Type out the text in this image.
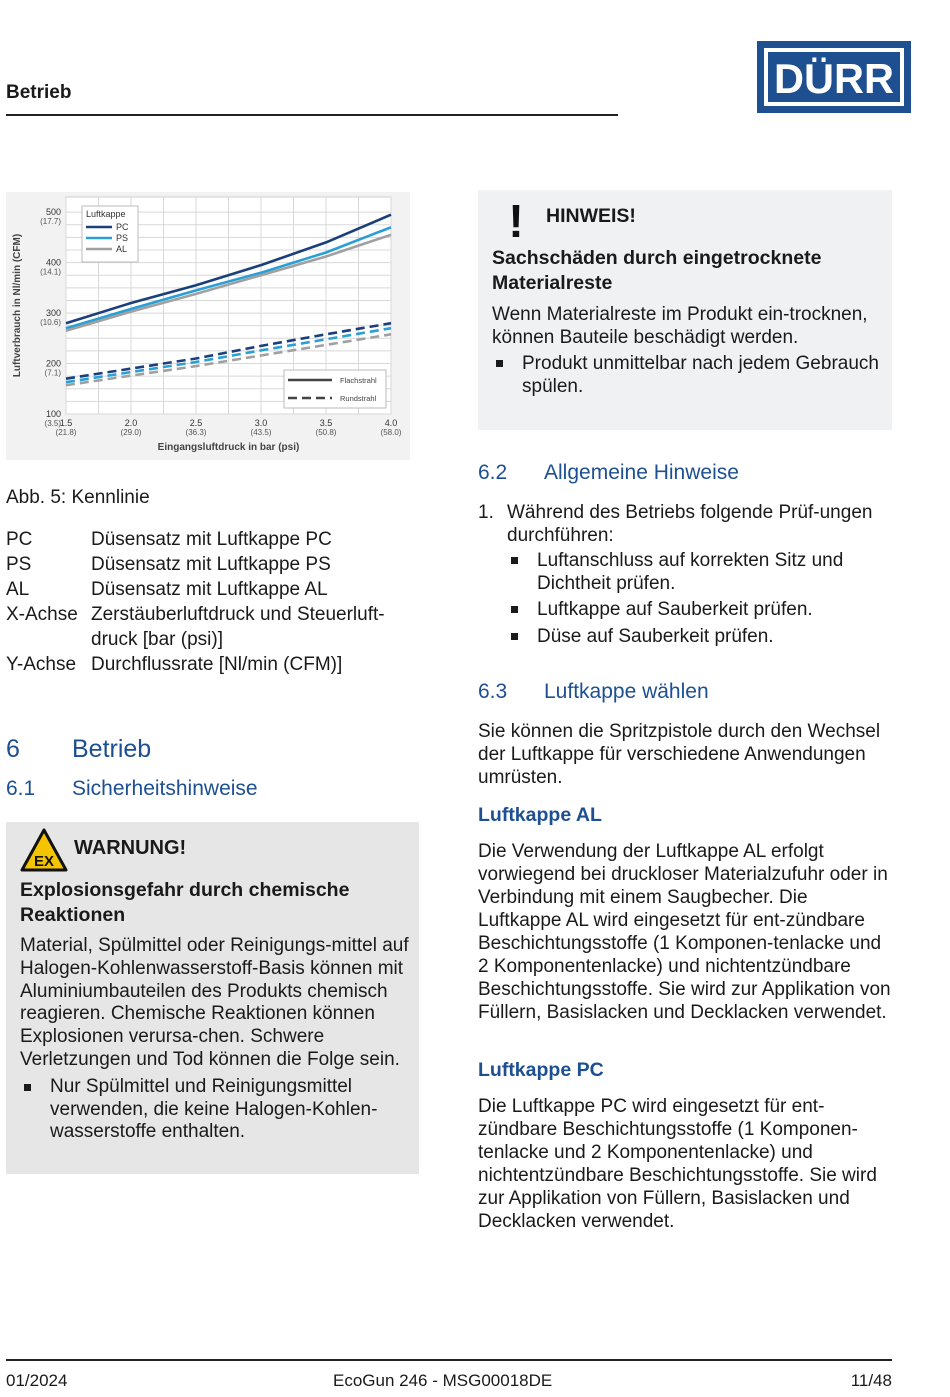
Betrieb	DÜRR
500
(17.7)
400
(14.1)
300
(10.6)
200
(7.1)
100
(3.5)
1.5
(21.8)
2.0
(29.0)
2.5
(36.3)
3.0
(43.5)
3.5
(50.8)
4.0
(58.0)
Eingangsluftdruck in bar (psi)
Luftverbrauch in Nl/min (CFM)
Luftkappe
PC
PS
AL
Flachstrahl
Rundstrahl
Abb. 5: Kennlinie
PC	Düsensatz mit Luftkappe PC
PS	Düsensatz mit Luftkappe PS
AL	Düsensatz mit Luftkappe AL
X-Achse Zerstäuberluftdruck und Steuerluft-druck [bar (psi)]
Y-Achse Durchflussrate [Nl/min (CFM)]
6 Betrieb
6.1 Sicherheitshinweise
EX
WARNUNG!
Explosionsgefahr durch chemische Reaktionen
Material, Spülmittel oder Reinigungs-mittel auf Halogen-Kohlenwasserstoff-Basis können mit Aluminiumbauteilen des Produkts chemisch reagieren. Chemische Reaktionen können Explosionen verursa-chen. Schwere Verletzungen und Tod können die Folge sein.
Nur Spülmittel und Reinigungsmittel verwenden, die keine Halogen-Kohlen-wasserstoffe enthalten.
! HINWEIS!
Sachschäden durch eingetrocknete Materialreste
Wenn Materialreste im Produkt ein-trocknen, können Bauteile beschädigt werden.
Produkt unmittelbar nach jedem Gebrauch spülen.
6.2 Allgemeine Hinweise
1. Während des Betriebs folgende Prüf-ungen durchführen:
Luftanschluss auf korrekten Sitz und Dichtheit prüfen.
Luftkappe auf Sauberkeit prüfen.
Düse auf Sauberkeit prüfen.
6.3 Luftkappe wählen
Sie können die Spritzpistole durch den Wechsel der Luftkappe für verschiedene Anwendungen umrüsten.
Luftkappe AL
Die Verwendung der Luftkappe AL erfolgt vorwiegend bei druckloser Materialzufuhr oder in Verbindung mit einem Saugbecher. Die Luftkappe AL wird eingesetzt für ent-zündbare Beschichtungsstoffe (1 Komponen-tenlacke und 2 Komponentenlacke) und nichtentzündbare Beschichtungsstoffe. Sie wird zur Applikation von Füllern, Basislacken und Decklacken verwendet.
Luftkappe PC
Die Luftkappe PC wird eingesetzt für ent-zündbare Beschichtungsstoffe (1 Komponen-tenlacke und 2 Komponentenlacke) und nichtentzündbare Beschichtungsstoffe. Sie wird zur Applikation von Füllern, Basislacken und Decklacken verwendet.
01/2024	EcoGun 246 - MSG00018DE	11/48
